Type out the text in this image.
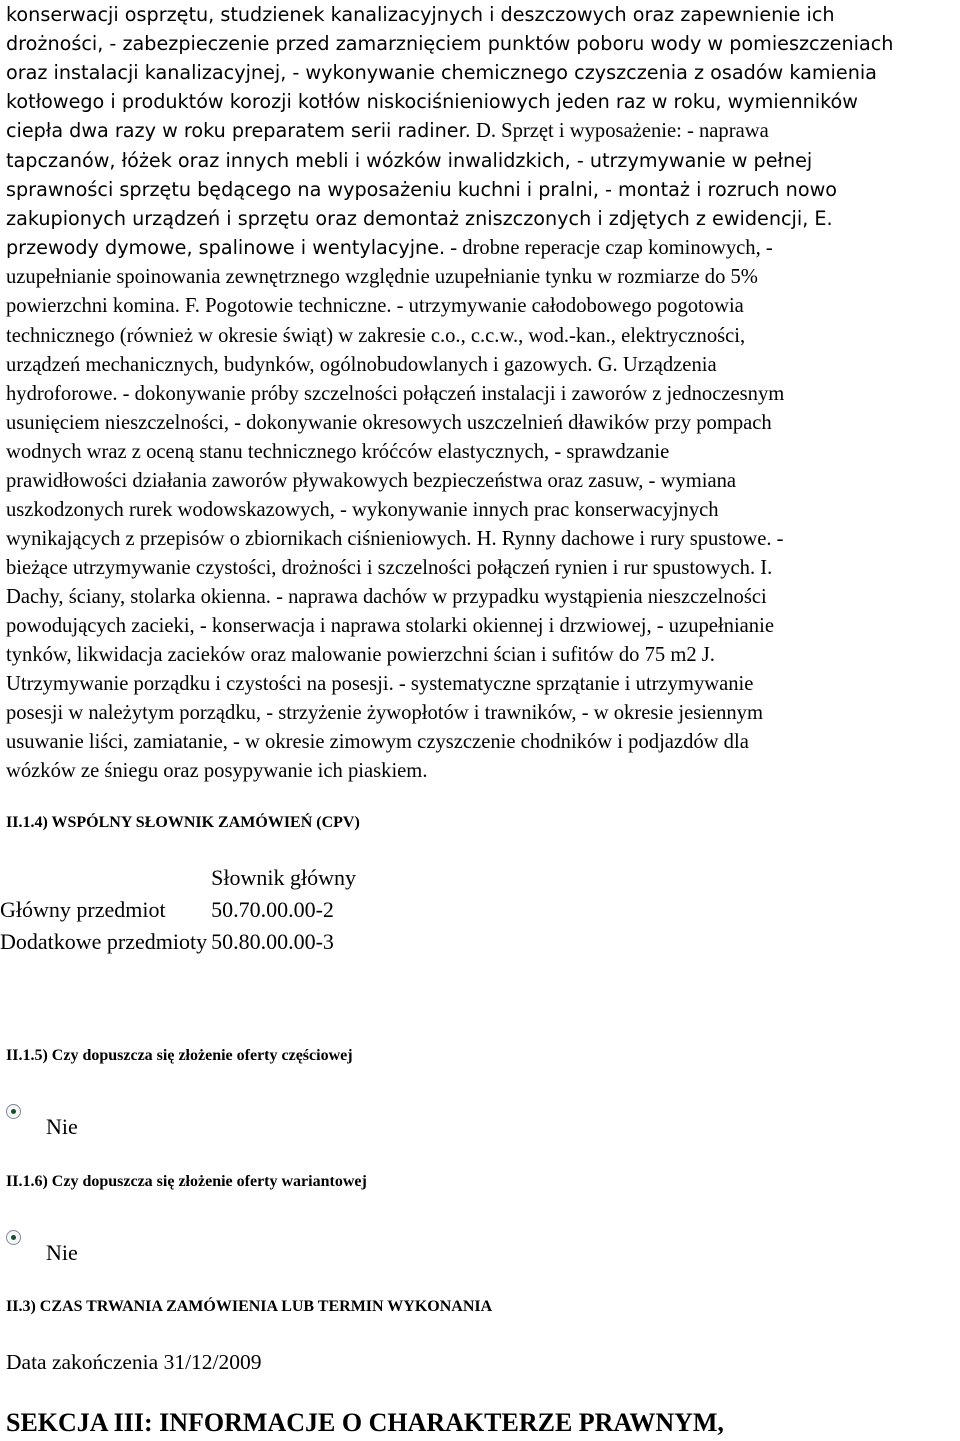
konserwacji osprzętu, studzienek kanalizacyjnych i deszczowych oraz zapewnienie ich
drożności, - zabezpieczenie przed zamarznięciem punktów poboru wody w pomieszczeniach
oraz instalacji kanalizacyjnej, - wykonywanie chemicznego czyszczenia z osadów kamienia
kotłowego i produktów korozji kotłów niskociśnieniowych jeden raz w roku, wymienników
ciepła dwa razy w roku preparatem serii radiner. D. Sprzęt i wyposażenie: - naprawa
tapczanów, łóżek oraz innych mebli i wózków inwalidzkich, - utrzymywanie w pełnej
sprawności sprzętu będącego na wyposażeniu kuchni i pralni, - montaż i rozruch nowo
zakupionych urządzeń i sprzętu oraz demontaż zniszczonych i zdjętych z ewidencji, E.
przewody dymowe, spalinowe i wentylacyjne. - drobne reperacje czap kominowych, -
uzupełnianie spoinowania zewnętrznego względnie uzupełnianie tynku w rozmiarze do 5%
powierzchni komina. F. Pogotowie techniczne. - utrzymywanie całodobowego pogotowia
technicznego (również w okresie świąt) w zakresie c.o., c.c.w., wod.-kan., elektryczności,
urządzeń mechanicznych, budynków, ogólnobudowlanych i gazowych. G. Urządzenia
hydroforowe. - dokonywanie próby szczelności połączeń instalacji i zaworów z jednoczesnym
usunięciem nieszczelności, - dokonywanie okresowych uszczelnień dławików przy pompach
wodnych wraz z oceną stanu technicznego króćców elastycznych, - sprawdzanie
prawidłowości działania zaworów pływakowych bezpieczeństwa oraz zasuw, - wymiana
uszkodzonych rurek wodowskazowych, - wykonywanie innych prac konserwacyjnych
wynikających z przepisów o zbiornikach ciśnieniowych. H. Rynny dachowe i rury spustowe. -
bieżące utrzymywanie czystości, drożności i szczelności połączeń rynien i rur spustowych. I.
Dachy, ściany, stolarka okienna. - naprawa dachów w przypadku wystąpienia nieszczelności
powodujących zacieki, - konserwacja i naprawa stolarki okiennej i drzwiowej, - uzupełnianie
tynków, likwidacja zacieków oraz malowanie powierzchni ścian i sufitów do 75 m2 J.
Utrzymywanie porządku i czystości na posesji. - systematyczne sprzątanie i utrzymywanie
posesji w należytym porządku, - strzyżenie żywopłotów i trawników, - w okresie jesiennym
usuwanie liści, zamiatanie, - w okresie zimowym czyszczenie chodników i podjazdów dla
wózków ze śniegu oraz posypywanie ich piaskiem.

II.1.4) WSPÓLNY SŁOWNIK ZAMÓWIEŃ (CPV)

	Słownik główny
Główny przedmiot	50.70.00.00-2
Dodatkowe przedmioty	50.80.00.00-3

II.1.5) Czy dopuszcza się złożenie oferty częściowej

Nie

II.1.6) Czy dopuszcza się złożenie oferty wariantowej

Nie

II.3) CZAS TRWANIA ZAMÓWIENIA LUB TERMIN WYKONANIA

Data zakończenia 31/12/2009

SEKCJA III: INFORMACJE O CHARAKTERZE PRAWNYM,
